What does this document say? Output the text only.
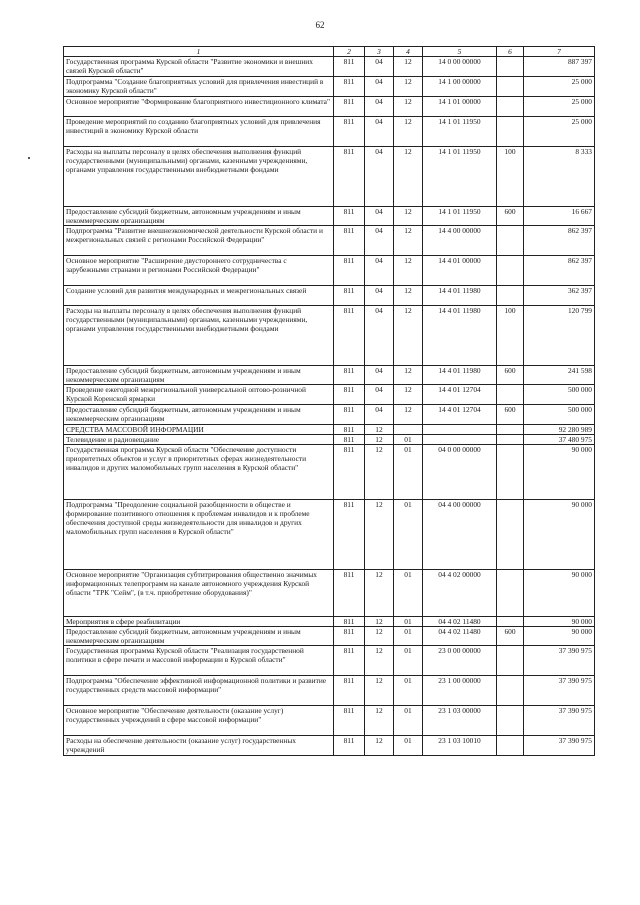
62
1	2	3	4	5	6	7
Государственная программа Курской области "Развитие экономики и внешних связей Курской области"	811	04	12	14 0 00 00000		887 397
Подпрограмма "Создание благоприятных условий для привлечения инвестиций в экономику Курской области"	811	04	12	14 1 00 00000		25 000
Основное мероприятие "Формирование благоприятного инвестиционного климата"	811	04	12	14 1 01 00000		25 000
Проведение мероприятий по созданию благоприятных условий для привлечения инвестиций в экономику Курской области	811	04	12	14 1 01 11950		25 000
Расходы на выплаты персоналу в целях обеспечения выполнения функций государственными (муниципальными) органами, казенными учреждениями, органами управления государственными внебюджетными фондами	811	04	12	14 1 01 11950	100	8 333
Предоставление субсидий бюджетным, автономным учреждениям и иным некоммерческим организациям	811	04	12	14 1 01 11950	600	16 667
Подпрограмма "Развитие внешнеэкономической деятельности Курской области и межрегиональных связей с регионами Российской Федерации"	811	04	12	14 4 00 00000		862 397
Основное мероприятие "Расширение двустороннего сотрудничества с зарубежными странами и регионами Российской Федерации"	811	04	12	14 4 01 00000		862 397
Создание условий для развития международных и межрегиональных связей	811	04	12	14 4 01 11980		362 397
Расходы на выплаты персоналу в целях обеспечения выполнения функций государственными (муниципальными) органами, казенными учреждениями, органами управления государственными внебюджетными фондами	811	04	12	14 4 01 11980	100	120 799
Предоставление субсидий бюджетным, автономным учреждениям и иным некоммерческим организациям	811	04	12	14 4 01 11980	600	241 598
Проведение ежегодной межрегиональной универсальной оптово-розничной Курской Коренской ярмарки	811	04	12	14 4 01 12704		500 000
Предоставление субсидий бюджетным, автономным учреждениям и иным некоммерческим организациям	811	04	12	14 4 01 12704	600	500 000
СРЕДСТВА МАССОВОЙ ИНФОРМАЦИИ	811	12				92 280 989
Телевидение и радиовещание	811	12	01			37 480 975
Государственная программа Курской области "Обеспечение доступности приоритетных объектов и услуг в приоритетных сферах жизнедеятельности инвалидов и других маломобильных групп населения в Курской области"	811	12	01	04 0 00 00000		90 000
Подпрограмма "Преодоление социальной разобщенности в обществе и формирование позитивного отношения к проблемам инвалидов и к проблеме обеспечения доступной среды жизнедеятельности для инвалидов и других маломобильных групп населения в Курской области"	811	12	01	04 4 00 00000		90 000
Основное мероприятие "Организация субтитрирования общественно значимых информационных телепрограмм на канале автономного учреждения Курской области "ТРК "Сейм", (в т.ч. приобретение оборудования)"	811	12	01	04 4 02 00000		90 000
Мероприятия в сфере реабилитации	811	12	01	04 4 02 11480		90 000
Предоставление субсидий бюджетным, автономным учреждениям и иным некоммерческим организациям	811	12	01	04 4 02 11480	600	90 000
Государственная программа Курской области "Реализация государственной политики в сфере печати и массовой информации в Курской области"	811	12	01	23 0 00 00000		37 390 975
Подпрограмма "Обеспечение эффективной информационной политики и развитие государственных средств массовой информации"	811	12	01	23 1 00 00000		37 390 975
Основное мероприятие "Обеспечение деятельности (оказание услуг) государственных учреждений в сфере массовой информации"	811	12	01	23 1 03 00000		37 390 975
Расходы на обеспечение деятельности (оказание услуг) государственных учреждений	811	12	01	23 1 03 10010		37 390 975
